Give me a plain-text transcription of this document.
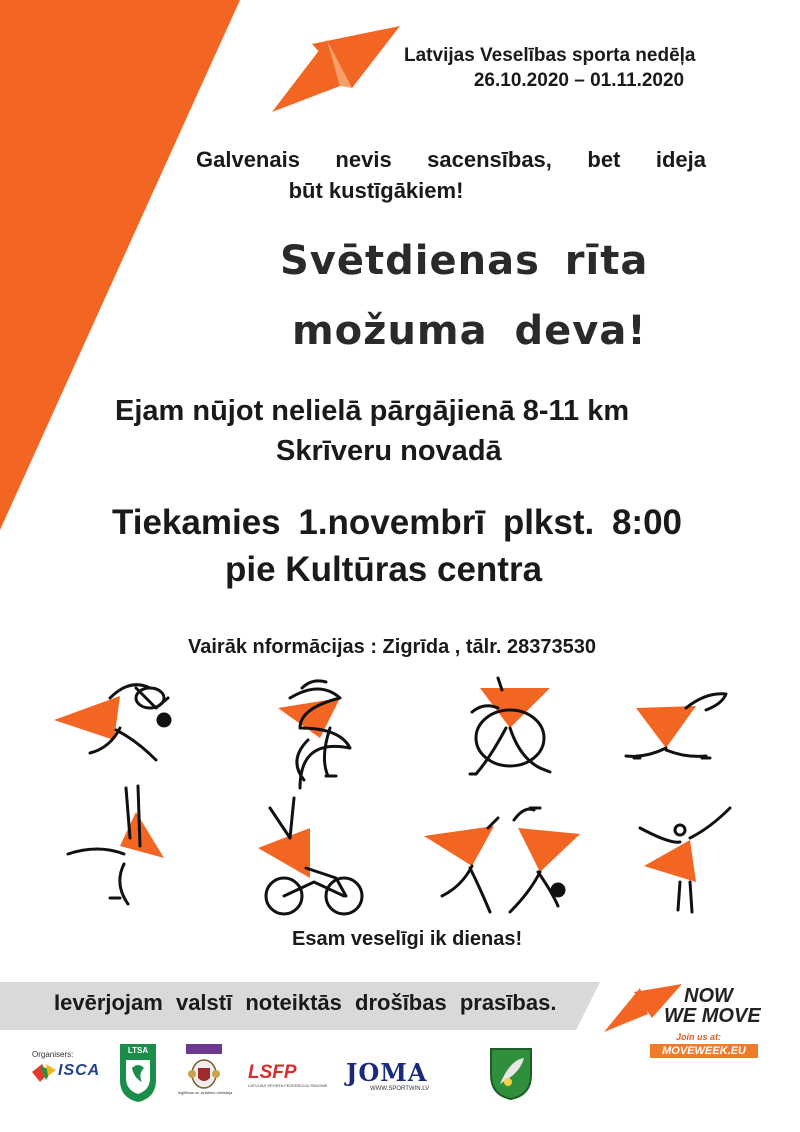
Latvijas Veselības sporta nedēļa
26.10.2020 – 01.11.2020
Galvenais nevis sacensības, bet ideja
būt kustīgākiem!
Svētdienas rīta
možuma deva!
Ejam nūjot nelielā pārgājienā 8-11 km
Skrīveru novadā
Tiekamies 1.novembrī plkst. 8:00
pie Kultūras centra
Vairāk nformācijas : Zigrīda , tālr. 28373530
Esam veselīgi ik dienas!
Ievērjojam valstī noteiktās drošības prasības.	NOW
WE MOVE
Join us at:
MOVEWEEK.EU
Organisers:
ISCA
LTSA
Izglītības un zinātnes ministrija
LSFP
LATVIJAS SPORTA FEDERĀCIJU PADOME JOMA
WWW.SPORTWIN.LV
